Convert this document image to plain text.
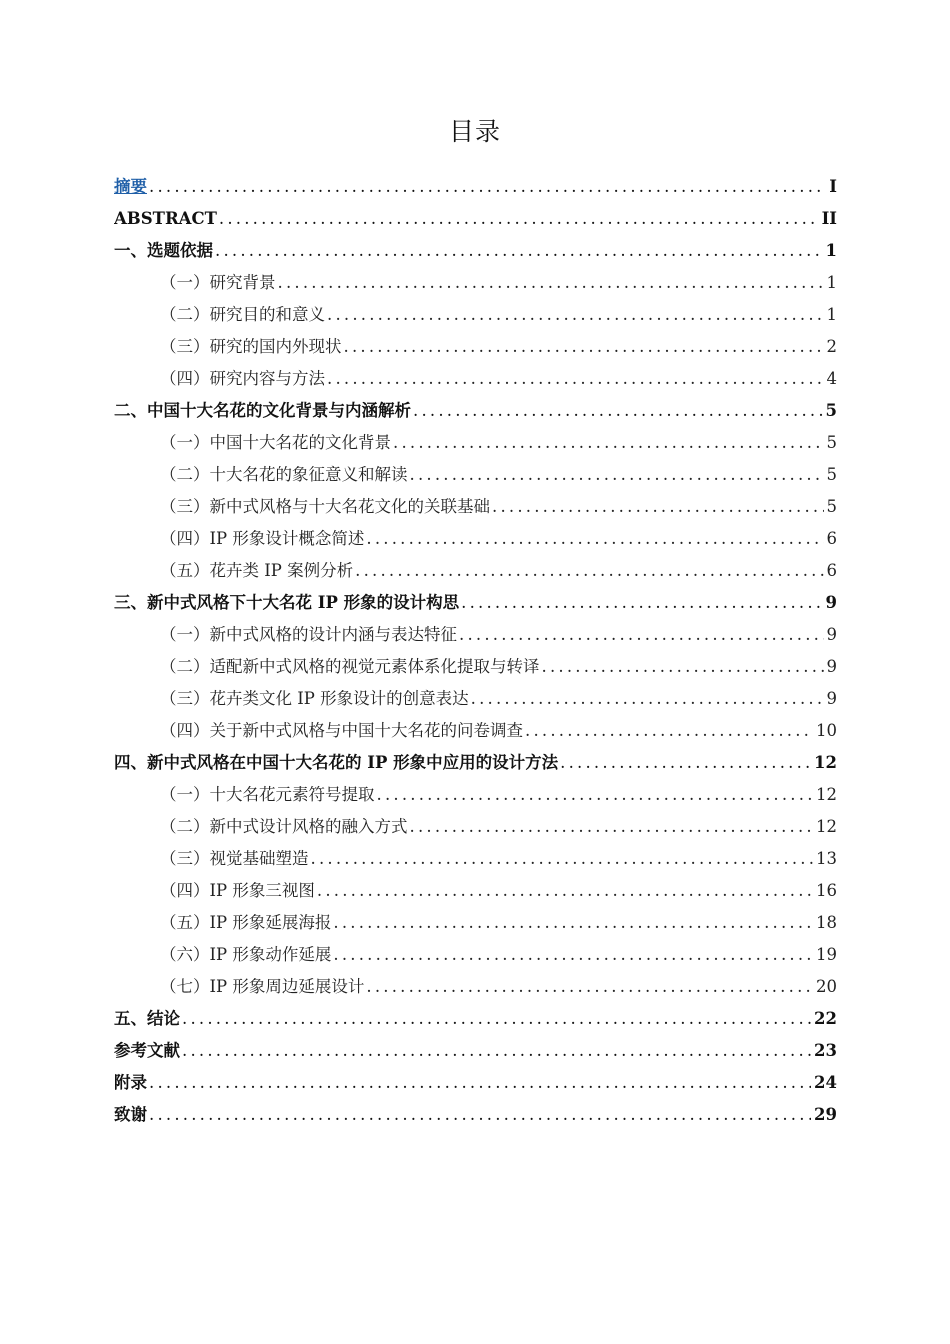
目录
摘要 .....	I
ABSTRACT .....	II
一、选题依据 .....	1
（一）研究背景 .....	1
（二）研究目的和意义 .....	1
（三）研究的国内外现状 .....	2
（四）研究内容与方法 .....	4
二、中国十大名花的文化背景与内涵解析 .....	5
（一）中国十大名花的文化背景 .....	5
（二）十大名花的象征意义和解读 .....	5
（三）新中式风格与十大名花文化的关联基础 .....	5
（四）IP 形象设计概念简述 .....	6
（五）花卉类 IP 案例分析 .....	6
三、新中式风格下十大名花 IP 形象的设计构思 .....	9
（一）新中式风格的设计内涵与表达特征 .....	9
（二）适配新中式风格的视觉元素体系化提取与转译 .....	9
（三）花卉类文化 IP 形象设计的创意表达 .....	9
（四）关于新中式风格与中国十大名花的问卷调查 .....	10
四、新中式风格在中国十大名花的 IP 形象中应用的设计方法 .....	12
（一）十大名花元素符号提取 .....	12
（二）新中式设计风格的融入方式 .....	12
（三）视觉基础塑造 .....	13
（四）IP 形象三视图 .....	16
（五）IP 形象延展海报 .....	18
（六）IP 形象动作延展 .....	19
（七）IP 形象周边延展设计 .....	20
五、结论 .....	22
参考文献 .....	23
附录 .....	24
致谢 .....	29
